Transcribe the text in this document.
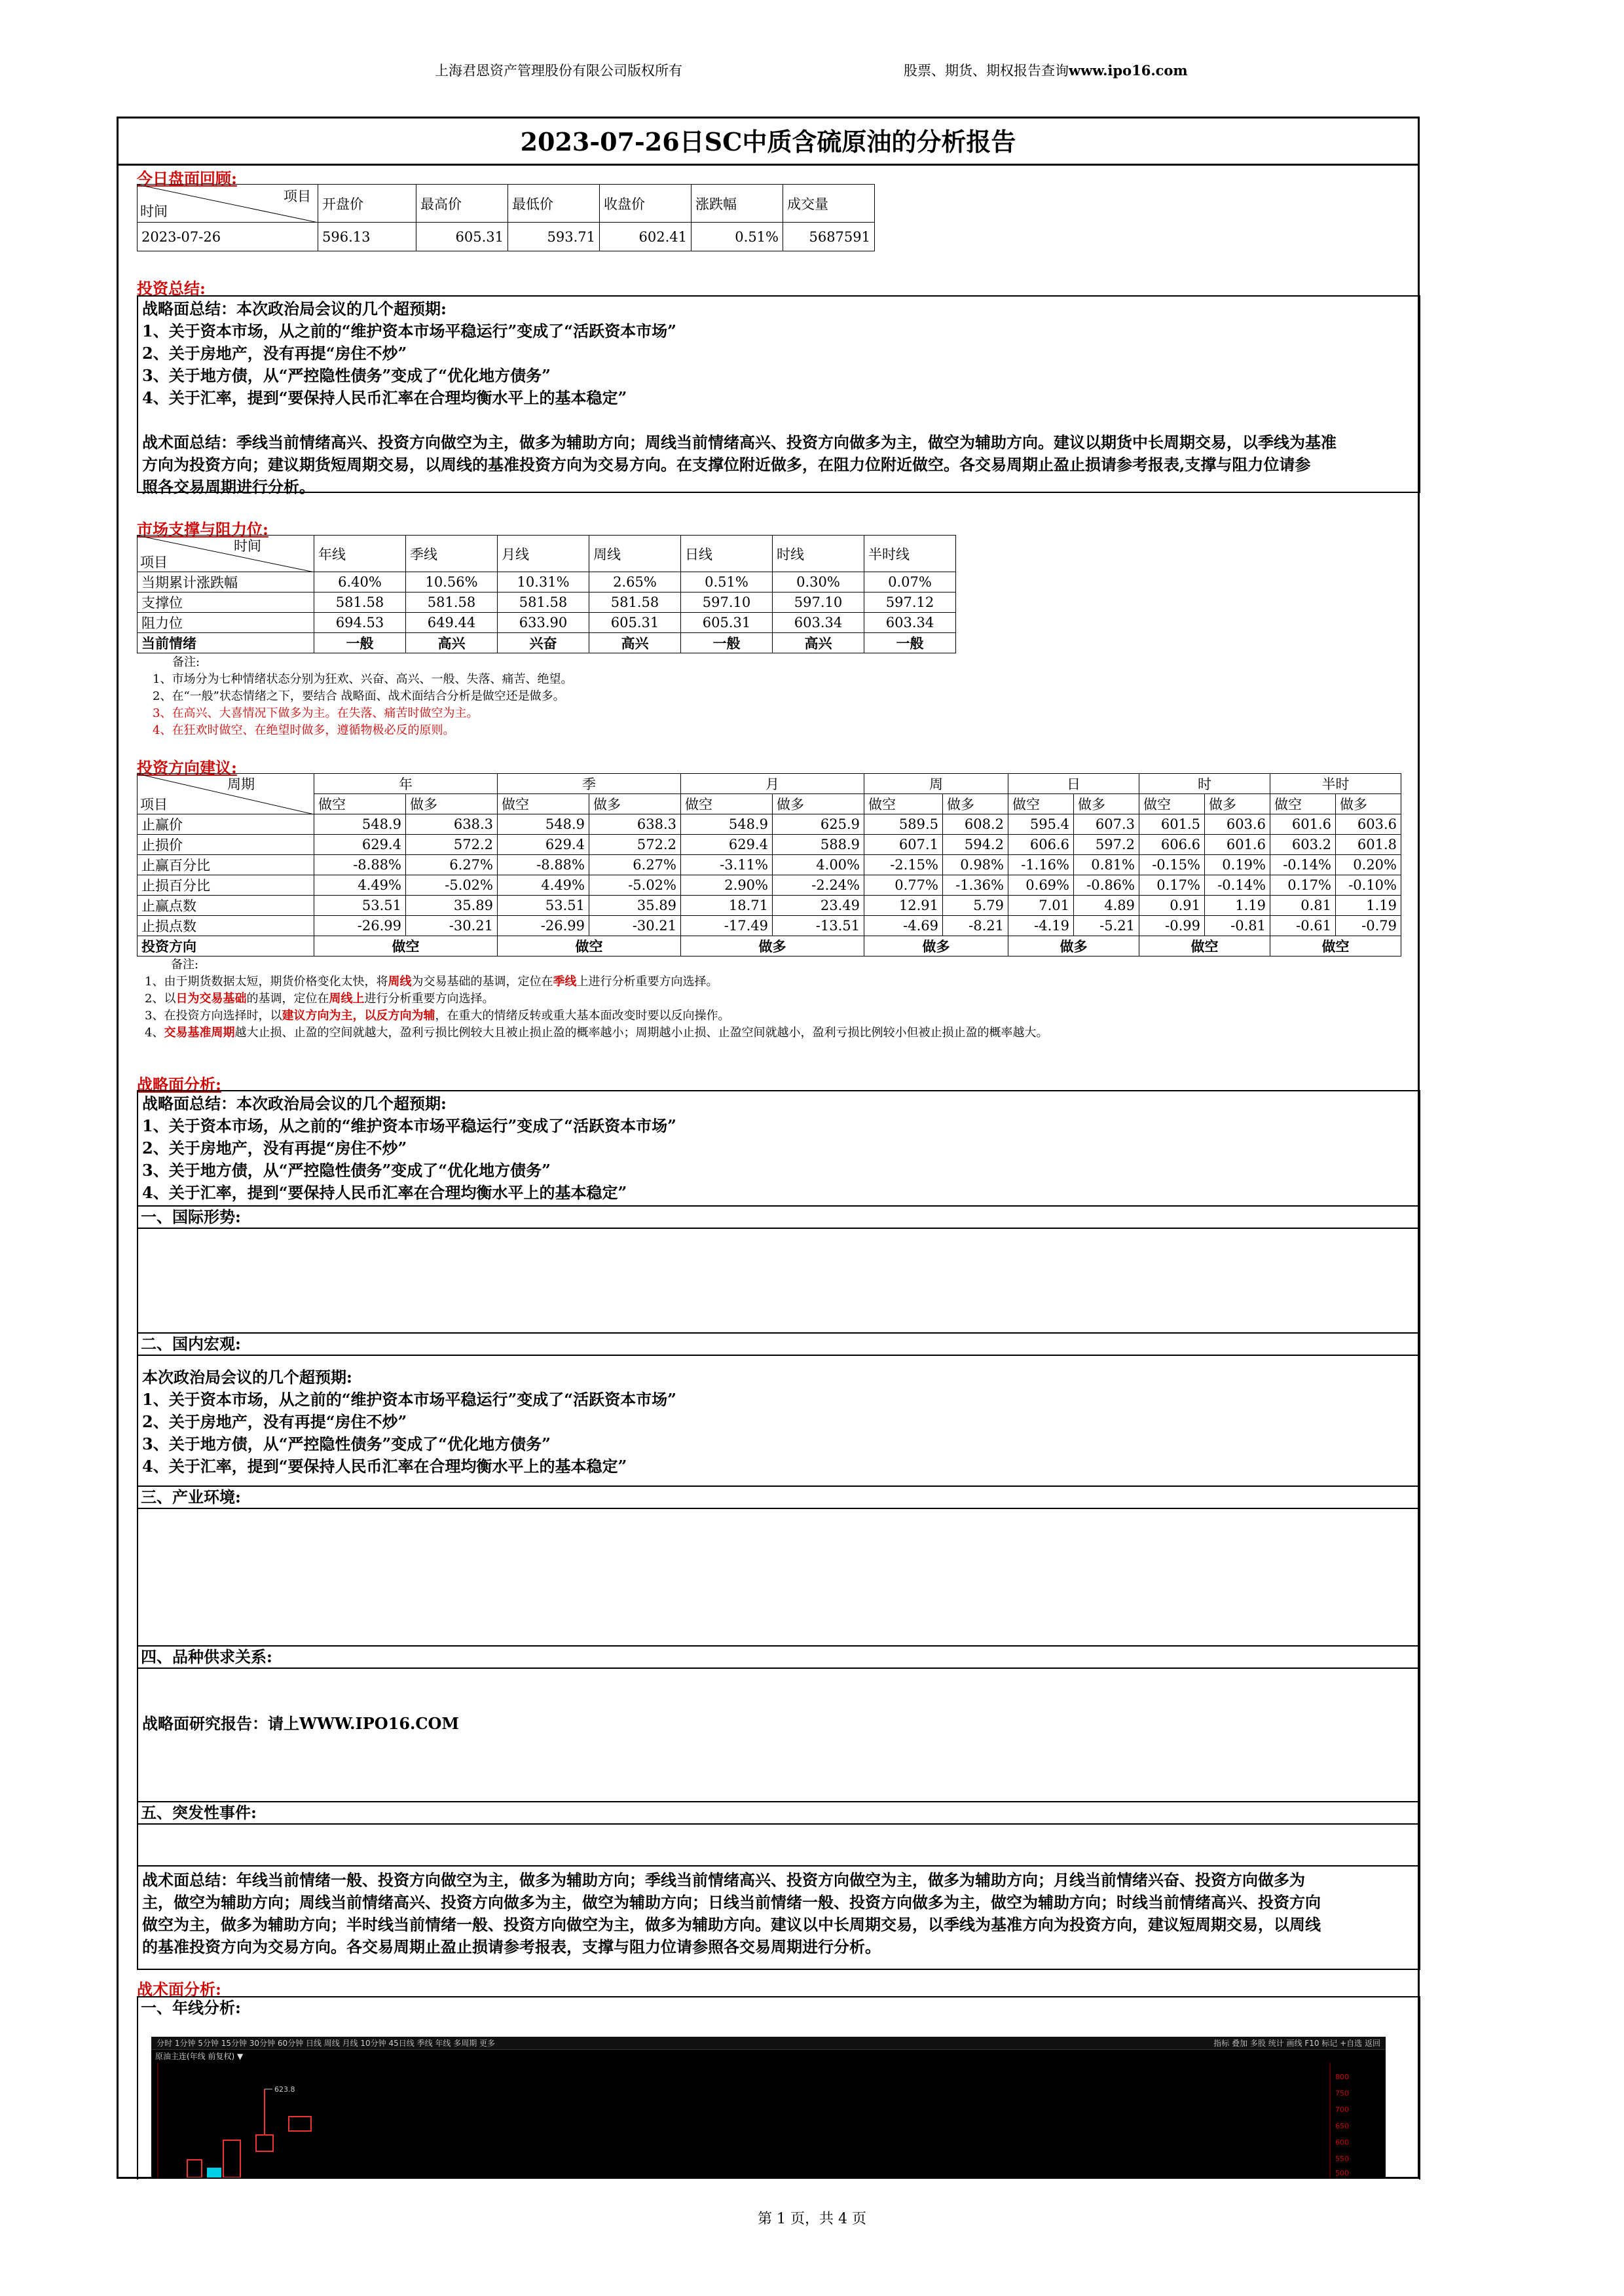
上海君恩资产管理股份有限公司版权所有	股票、期货、期权报告查询www.ipo16.com
2023-07-26日SC中质含硫原油的分析报告
今日盘面回顾:
项目
时间	开盘价	最高价	最低价	收盘价	涨跌幅	成交量
2023-07-26	596.13	605.31	593.71	602.41	0.51%	5687591
投资总结:

战略面总结：本次政治局会议的几个超预期:

1、关于资本市场，从之前的“维护资本市场平稳运行”变成了“活跃资本市场”

2、关于房地产，没有再提“房住不炒”

3、关于地方债，从“严控隐性债务”变成了“优化地方债务”

4、关于汇率，提到“要保持人民币汇率在合理均衡水平上的基本稳定”

战术面总结：季线当前情绪高兴、投资方向做空为主，做多为辅助方向；周线当前情绪高兴、投资方向做多为主，做空为辅助方向。建议以期货中长周期交易，以季线为基准

方向为投资方向；建议期货短周期交易，以周线的基准投资方向为交易方向。在支撑位附近做多，在阻力位附近做空。各交易周期止盈止损请参考报表,支撑与阻力位请参

照各交易周期进行分析。

市场支撑与阻力位:
时间
项目	年线	季线	月线	周线	日线	时线	半时线
当期累计涨跌幅	6.40%	10.56%	10.31%	2.65%	0.51%	0.30%	0.07%
支撑位	581.58	581.58	581.58	581.58	597.10	597.10	597.12
阻力位	694.53	649.44	633.90	605.31	605.31	603.34	603.34
当前情绪	一般	高兴	兴奋	高兴	一般	高兴	一般

备注:

1、市场分为七种情绪状态分别为狂欢、兴奋、高兴、一般、失落、痛苦、绝望。

2、在“一般”状态情绪之下，要结合 战略面、战术面结合分析是做空还是做多。

3、在高兴、大喜情况下做多为主。在失落、痛苦时做空为主。

4、在狂欢时做空、在绝望时做多，遵循物极必反的原则。

投资方向建议:
周期
项目	年		季		月		周		日		时		半时	
	做空	做多	做空	做多	做空	做多	做空	做多	做空	做多	做空	做多	做空	做多
止赢价	548.9	638.3	548.9	638.3	548.9	625.9	589.5	608.2	595.4	607.3	601.5	603.6	601.6	603.6
止损价	629.4	572.2	629.4	572.2	629.4	588.9	607.1	594.2	606.6	597.2	606.6	601.6	603.2	601.8
止赢百分比	-8.88%	6.27%	-8.88%	6.27%	-3.11%	4.00%	-2.15%	0.98%	-1.16%	0.81%	-0.15%	0.19%	-0.14%	0.20%
止损百分比	4.49%	-5.02%	4.49%	-5.02%	2.90%	-2.24%	0.77%	-1.36%	0.69%	-0.86%	0.17%	-0.14%	0.17%	-0.10%
止赢点数	53.51	35.89	53.51	35.89	18.71	23.49	12.91	5.79	7.01	4.89	0.91	1.19	0.81	1.19
止损点数	-26.99	-30.21	-26.99	-30.21	-17.49	-13.51	-4.69	-8.21	-4.19	-5.21	-0.99	-0.81	-0.61	-0.79
投资方向	做空		做空		做多		做多		做多		做空		做空	

备注:

1、由于期货数据太短，期货价格变化太快，将周线为交易基础的基调，定位在季线上进行分析重要方向选择。

2、以日为交易基础的基调，定位在周线上进行分析重要方向选择。

3、在投资方向选择时，以建议方向为主，以反方向为辅，在重大的情绪反转或重大基本面改变时要以反向操作。

4、交易基准周期越大止损、止盈的空间就越大，盈利亏损比例较大且被止损止盈的概率越小；周期越小止损、止盈空间就越小，盈利亏损比例较小但被止损止盈的概率越大。

战略面分析:

战略面总结：本次政治局会议的几个超预期:

1、关于资本市场，从之前的“维护资本市场平稳运行”变成了“活跃资本市场”

2、关于房地产，没有再提“房住不炒”

3、关于地方债，从“严控隐性债务”变成了“优化地方债务”

4、关于汇率，提到“要保持人民币汇率在合理均衡水平上的基本稳定”

一、国际形势:
二、国内宏观:

本次政治局会议的几个超预期:

1、关于资本市场，从之前的“维护资本市场平稳运行”变成了“活跃资本市场”

2、关于房地产，没有再提“房住不炒”

3、关于地方债，从“严控隐性债务”变成了“优化地方债务”

4、关于汇率，提到“要保持人民币汇率在合理均衡水平上的基本稳定”

三、产业环境:
四、品种供求关系:
战略面研究报告：请上WWW.IPO16.COM
五、突发性事件:

战术面总结：年线当前情绪一般、投资方向做空为主，做多为辅助方向；季线当前情绪高兴、投资方向做空为主，做多为辅助方向；月线当前情绪兴奋、投资方向做多为

主，做空为辅助方向；周线当前情绪高兴、投资方向做多为主，做空为辅助方向；日线当前情绪一般、投资方向做多为主，做空为辅助方向；时线当前情绪高兴、投资方向

做空为主，做多为辅助方向；半时线当前情绪一般、投资方向做空为主，做多为辅助方向。建议以中长周期交易，以季线为基准方向为投资方向，建议短周期交易，以周线

的基准投资方向为交易方向。各交易周期止盈止损请参考报表，支撑与阻力位请参照各交易周期进行分析。

战术面分析:
一、年线分析:
分时 1分钟 5分钟 15分钟 30分钟 60分钟 日线 周线 月线 10分钟 45日线 季线 年线 多周期 更多	指标 叠加 多股 统计 画线 F10 标记 +自选 返回
原油主连(年线 前复权) ▼
623.8
800
750
700
650
600
550
500
第 1 页，共 4 页
